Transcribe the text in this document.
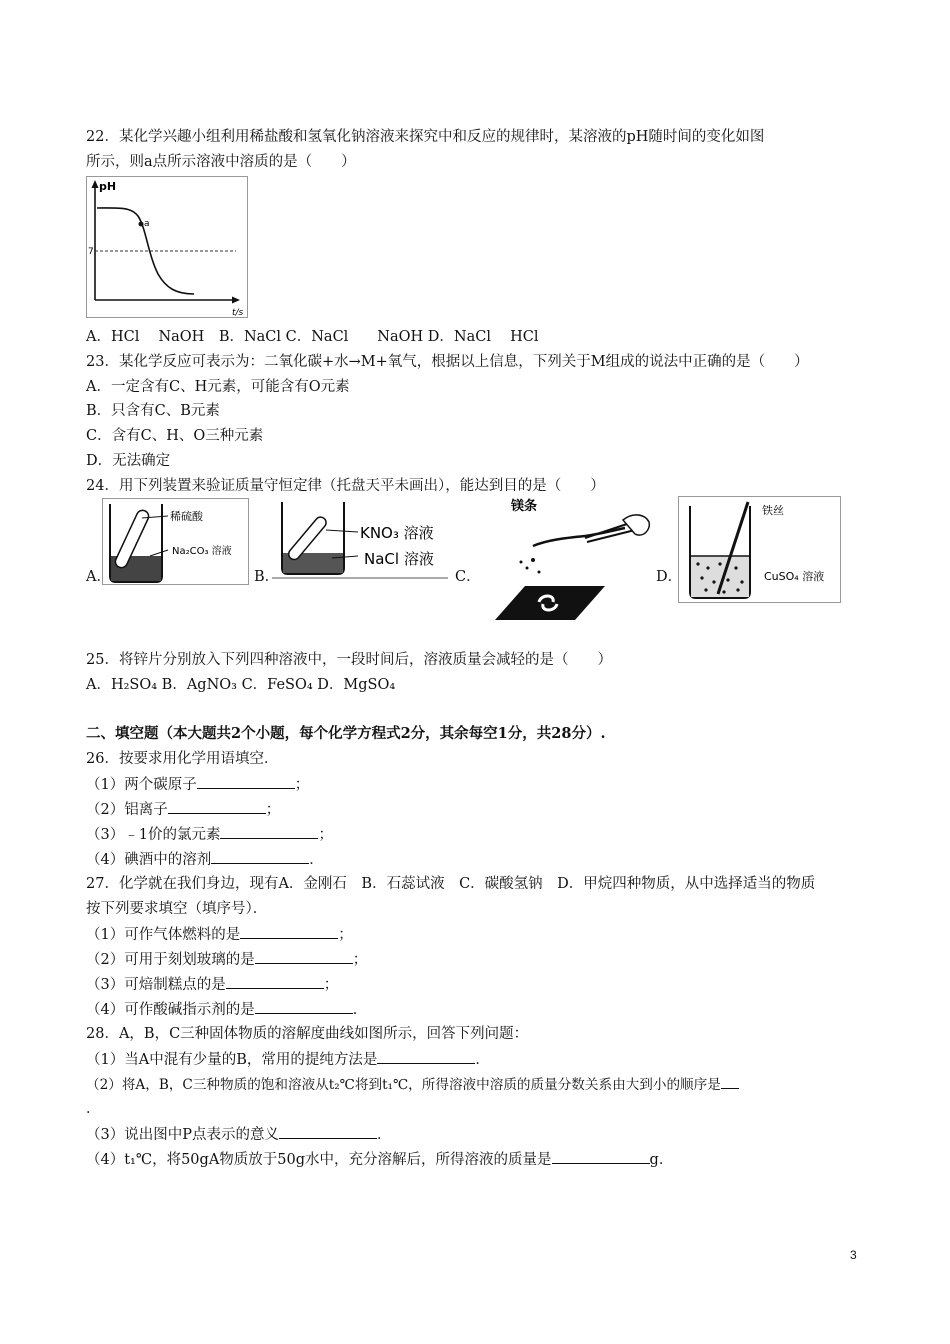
22．某化学兴趣小组利用稀盐酸和氢氧化钠溶液来探究中和反应的规律时，某溶液的pH随时间的变化如图
所示，则a点所示溶液中溶质的是（　　）
pH
7
a
t/s
A．HCl　 NaOH　B．NaCl C．NaCl　　NaOH D．NaCl　 HCl
23．某化学反应可表示为：二氧化碳+水→M+氧气，根据以上信息，下列关于M组成的说法中正确的是（　　）
A．一定含有C、H元素，可能含有O元素
B．只含有C、B元素
C．含有C、H、O三种元素
D．无法确定
24．用下列装置来验证质量守恒定律（托盘天平未画出），能达到目的是（　　）
A．
稀硫酸
Na₂CO₃ 溶液
B．
KNO₃ 溶液
NaCl 溶液
C．
镁条
D．
铁丝
CuSO₄ 溶液
25．将锌片分别放入下列四种溶液中，一段时间后，溶液质量会减轻的是（　　）
A．H₂SO₄ B．AgNO₃ C．FeSO₄ D．MgSO₄
二、填空题（本大题共2个小题，每个化学方程式2分，其余每空1分，共28分）.
26．按要求用化学用语填空．
（1）两个碳原子	；
（2）铝离子	；
（3）﹣1价的氯元素	；
（4）碘酒中的溶剂	．
27．化学就在我们身边，现有A．金刚石　B．石蕊试液　C．碳酸氢钠　D．甲烷四种物质，从中选择适当的物质
按下列要求填空（填序号）．
（1）可作气体燃料的是	；
（2）可用于刻划玻璃的是	；
（3）可焙制糕点的是	；
（4）可作酸碱指示剂的是	．
28．A，B，C三种固体物质的溶解度曲线如图所示，回答下列问题：
（1）当A中混有少量的B，常用的提纯方法是	．
（2）将A，B，C三种物质的饱和溶液从t₂℃将到t₁℃，所得溶液中溶质的质量分数关系由大到小的顺序是
．
（3）说出图中P点表示的意义	．
（4）t₁℃，将50gA物质放于50g水中，充分溶解后，所得溶液的质量是	g．
3
